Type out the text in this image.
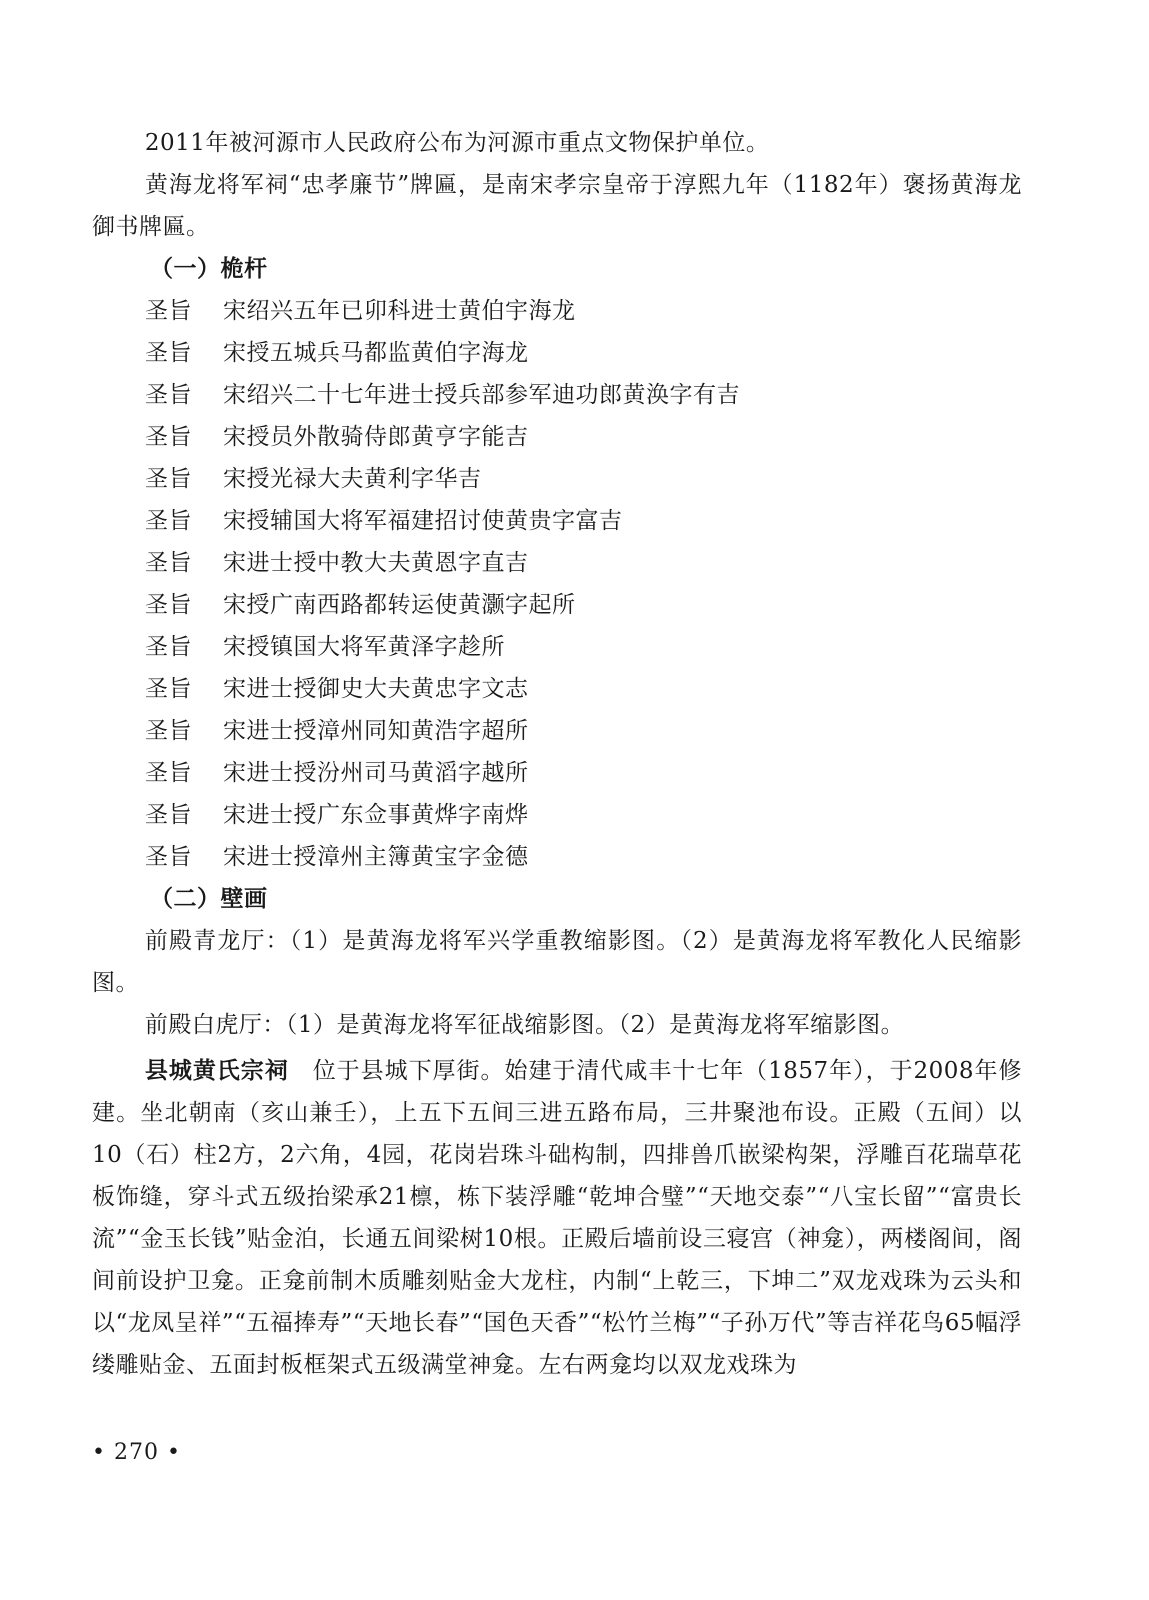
2011年被河源市人民政府公布为河源市重点文物保护单位。

黄海龙将军祠“忠孝廉节”牌匾，是南宋孝宗皇帝于淳熙九年（1182年）褒扬黄海龙御书牌匾。

（一）桅杆

圣旨	宋绍兴五年已卯科进士黄伯宇海龙
圣旨	宋授五城兵马都监黄伯字海龙
圣旨	宋绍兴二十七年进士授兵部参军迪功郎黄涣字有吉
圣旨	宋授员外散骑侍郎黄亨字能吉
圣旨	宋授光禄大夫黄利字华吉
圣旨	宋授辅国大将军福建招讨使黄贵字富吉
圣旨	宋进士授中教大夫黄恩字直吉
圣旨	宋授广南西路都转运使黄灏字起所
圣旨	宋授镇国大将军黄泽字趁所
圣旨	宋进士授御史大夫黄忠字文志
圣旨	宋进士授漳州同知黄浩字超所
圣旨	宋进士授汾州司马黄滔字越所
圣旨	宋进士授广东佥事黄烨字南烨
圣旨	宋进士授漳州主簿黄宝字金德

（二）壁画

前殿青龙厅：（1）是黄海龙将军兴学重教缩影图。（2）是黄海龙将军教化人民缩影图。

前殿白虎厅：（1）是黄海龙将军征战缩影图。（2）是黄海龙将军缩影图。

县城黄氏宗祠　 位于县城下厚街。始建于清代咸丰十七年（1857年），于2008年修建。坐北朝南（亥山兼壬），上五下五间三进五路布局，三井聚池布设。正殿（五间）以10（石）柱2方，2六角，4园，花岗岩珠斗础构制，四排兽爪嵌梁构架，浮雕百花瑞草花板饰缝，穿斗式五级抬梁承21檩，栋下装浮雕“乾坤合璧”“天地交泰”“八宝长留”“富贵长流”“金玉长钱”贴金泊，长通五间梁树10根。正殿后墙前设三寝宫（神龛），两楼阁间，阁间前设护卫龛。正龛前制木质雕刻贴金大龙柱，内制“上乾三，下坤二”双龙戏珠为云头和以“龙凤呈祥”“五福捧寿”“天地长春”“国色天香”“松竹兰梅”“子孙万代”等吉祥花鸟65幅浮缕雕贴金、五面封板框架式五级满堂神龛。左右两龛均以双龙戏珠为

• 270 •
